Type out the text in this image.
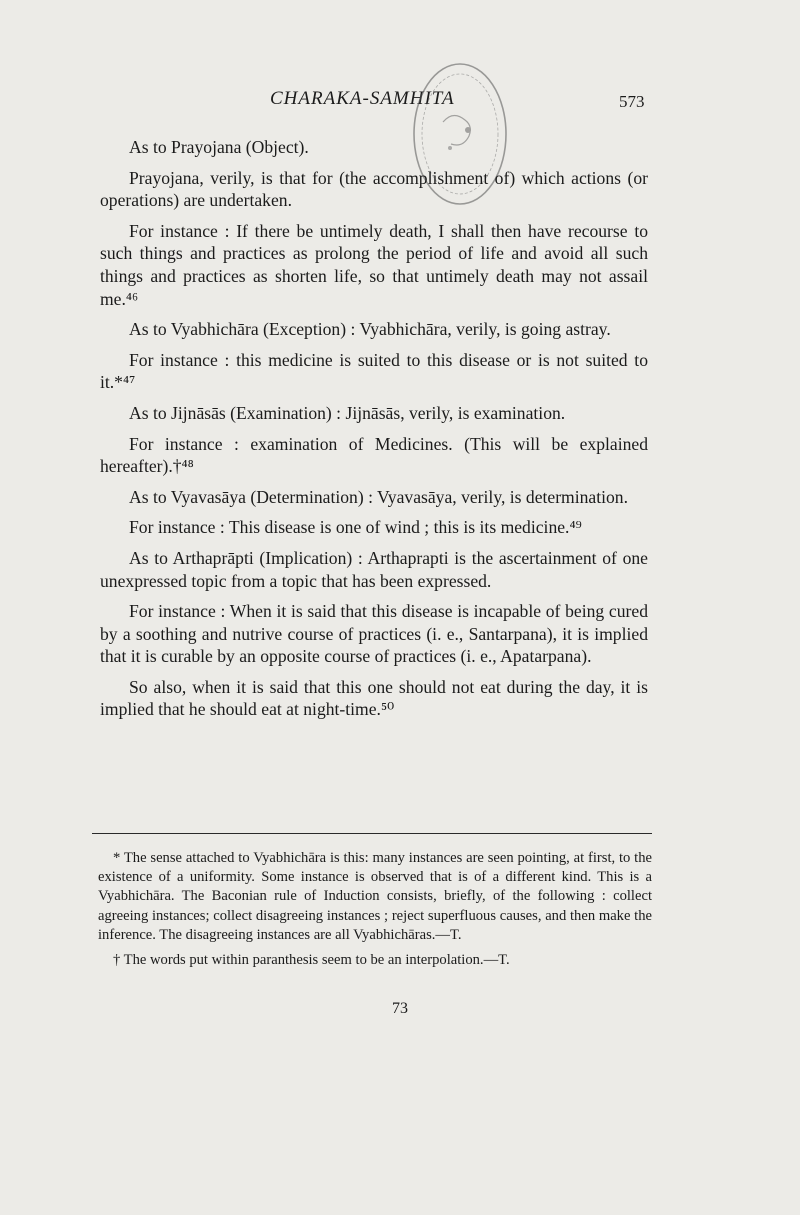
CHARAKA-SAMHITA	573

As to Prayojana (Object).

Prayojana, verily, is that for (the accomplishment of) which actions (or operations) are undertaken.

For instance : If there be untimely death, I shall then have recourse to such things and practices as prolong the period of life and avoid all such things and practices as shorten life, so that untimely death may not assail me.⁴⁶

As to Vyabhichāra (Exception) : Vyabhichāra, verily, is going astray.

For instance : this medicine is suited to this disease or is not suited to it.*⁴⁷

As to Jijnāsās (Examination) : Jijnāsās, verily, is examination.

For instance : examination of Medicines. (This will be explained hereafter).†⁴⁸

As to Vyavasāya (Determination) : Vyavasāya, verily, is determination.

For instance : This disease is one of wind ; this is its medicine.⁴⁹

As to Arthaprāpti (Implication) : Arthaprapti is the ascertainment of one unexpressed topic from a topic that has been expressed.

For instance : When it is said that this disease is incapable of being cured by a soothing and nutrive course of practices (i. e., Santarpana), it is implied that it is curable by an opposite course of practices (i. e., Apatarpana).

So also, when it is said that this one should not eat during the day, it is implied that he should eat at night-time.⁵⁰

* The sense attached to Vyabhichāra is this: many instances are seen pointing, at first, to the existence of a uniformity. Some instance is observed that is of a different kind. This is a Vyabhichāra. The Baconian rule of Induction consists, briefly, of the following : collect agreeing instances; collect disagreeing instances ; reject superfluous causes, and then make the inference. The disagreeing instances are all Vyabhichāras.—T.

† The words put within paranthesis seem to be an interpolation.—T.

73
